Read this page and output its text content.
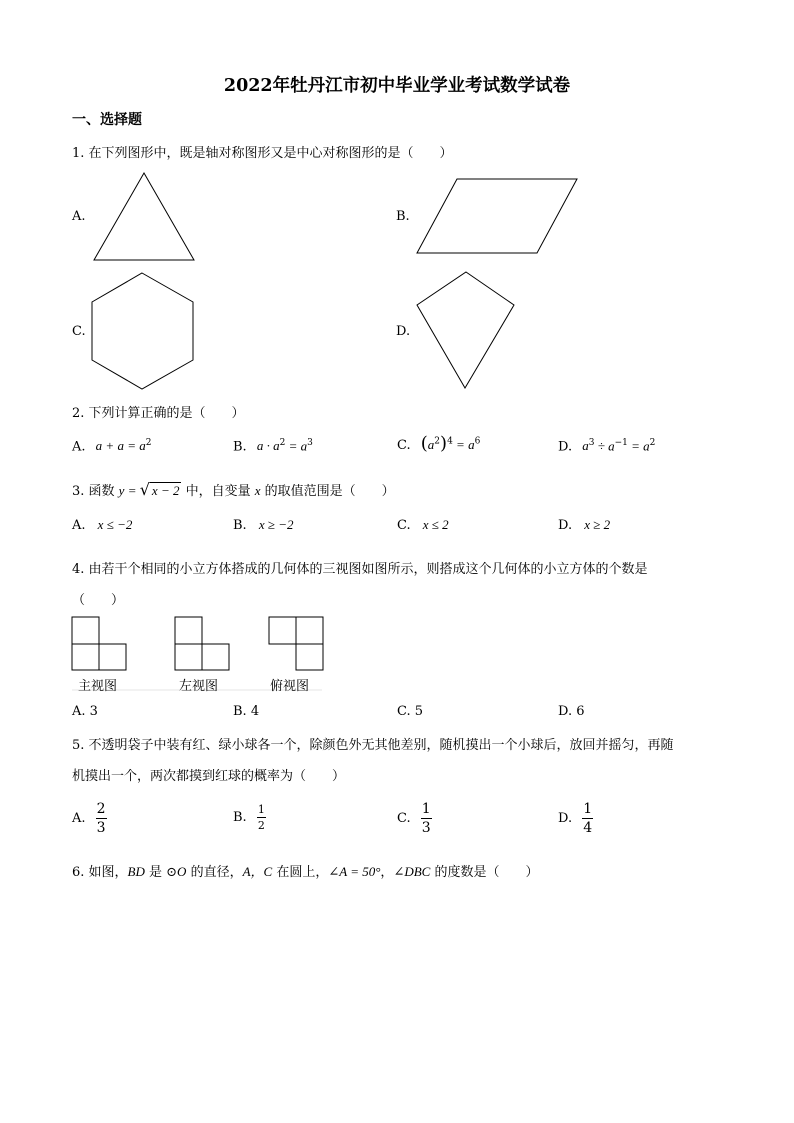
2022年牡丹江市初中毕业学业考试数学试卷
一、选择题
1. 在下列图形中，既是轴对称图形又是中心对称图形的是（　　）
A.	B.
C.	D.
2. 下列计算正确的是（　　）
A. $a + a = a^2$	B. $a \cdot a^2 = a^3$	C. $(a^2)^4 = a^6$	D. $a^3 \div a^{-1} = a^2$
3. 函数 y = √ x − 2 中，自变量 x 的取值范围是（　　）
A. x ≤ −2	B. x ≥ −2	C. x ≤ 2	D. x ≥ 2
4. 由若干个相同的小立方体搭成的几何体的三视图如图所示，则搭成这个几何体的小立方体的个数是
（　　）
主视图	左视图	俯视图
A. 3	B. 4	C. 5	D. 6
5. 不透明袋子中装有红、绿小球各一个，除颜色外无其他差别，随机摸出一个小球后，放回并摇匀，再随
机摸出一个，两次都摸到红球的概率为（　　）
A. $\frac{2}{3}$	B. $\frac{1}{2}$	C. $\frac{1}{3}$	D. $\frac{1}{4}$
6. 如图，BD 是 ⊙O 的直径，A，C 在圆上，∠A = 50°，∠DBC 的度数是（　　）
